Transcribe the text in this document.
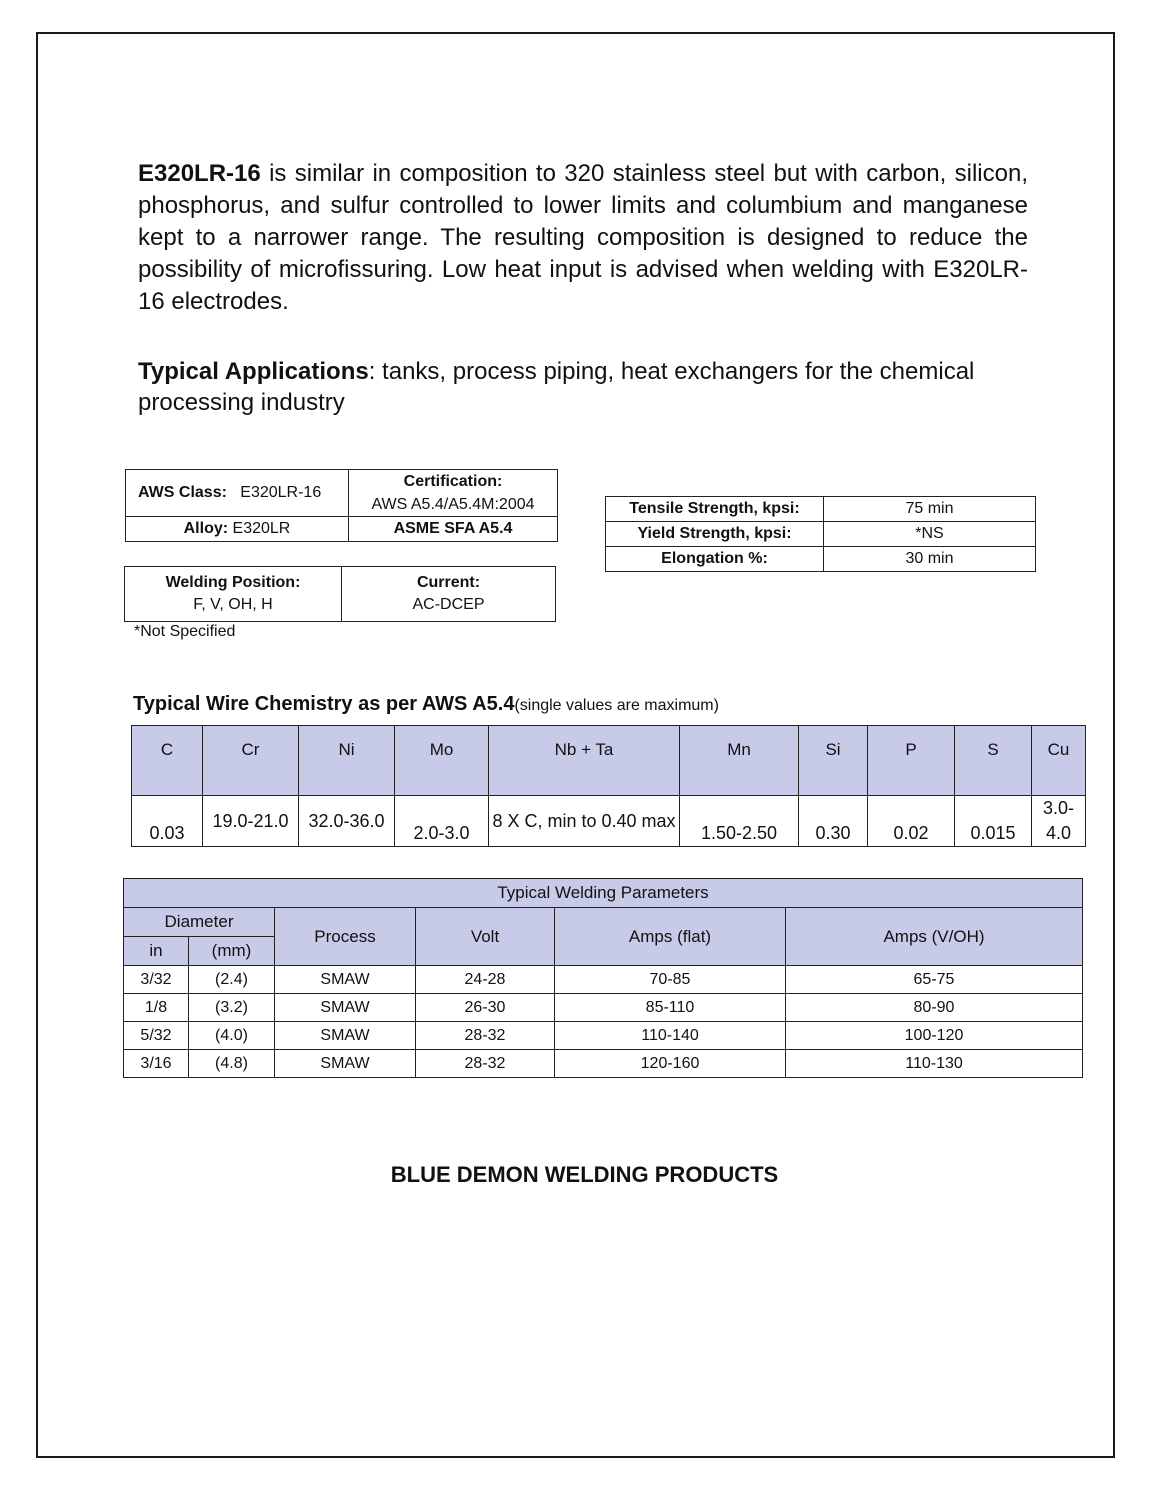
E320LR-16 is similar in composition to 320 stainless steel but with carbon, silicon, phosphorus, and sulfur controlled to lower limits and columbium and manganese kept to a narrower range. The resulting composition is designed to reduce the possibility of microfissuring. Low heat input is advised when welding with E320LR-16 electrodes.

Typical Applications: tanks, process piping, heat exchangers for the chemical processing industry

AWS Class: E320LR-16	Certification:
AWS A5.4/A5.4M:2004

Alloy: E320LR	ASME SFA A5.4
Welding Position:
F, V, OH, H

Current:
AC-DCEP
*Not Specified
Tensile Strength, kpsi:	75 min
Yield Strength, kpsi:	*NS
Elongation %:	30 min
Typical Wire Chemistry as per AWS A5.4(single values are maximum)
C	Cr	Ni	Mo	Nb + Ta	Mn	Si	P	S	Cu
0.03	19.0-21.0	32.0-36.0	2.0-3.0	8 X C, min to 0.40 max	1.50-2.50	0.30	0.02	0.015	3.0-4.0
Typical Welding Parameters					
Diameter		Process	Volt	Amps (flat)	Amps (V/OH)
in	(mm)				
3/32	(2.4)	SMAW	24-28	70-85	65-75
1/8	(3.2)	SMAW	26-30	85-110	80-90
5/32	(4.0)	SMAW	28-32	110-140	100-120
3/16	(4.8)	SMAW	28-32	120-160	110-130
BLUE DEMON WELDING PRODUCTS
